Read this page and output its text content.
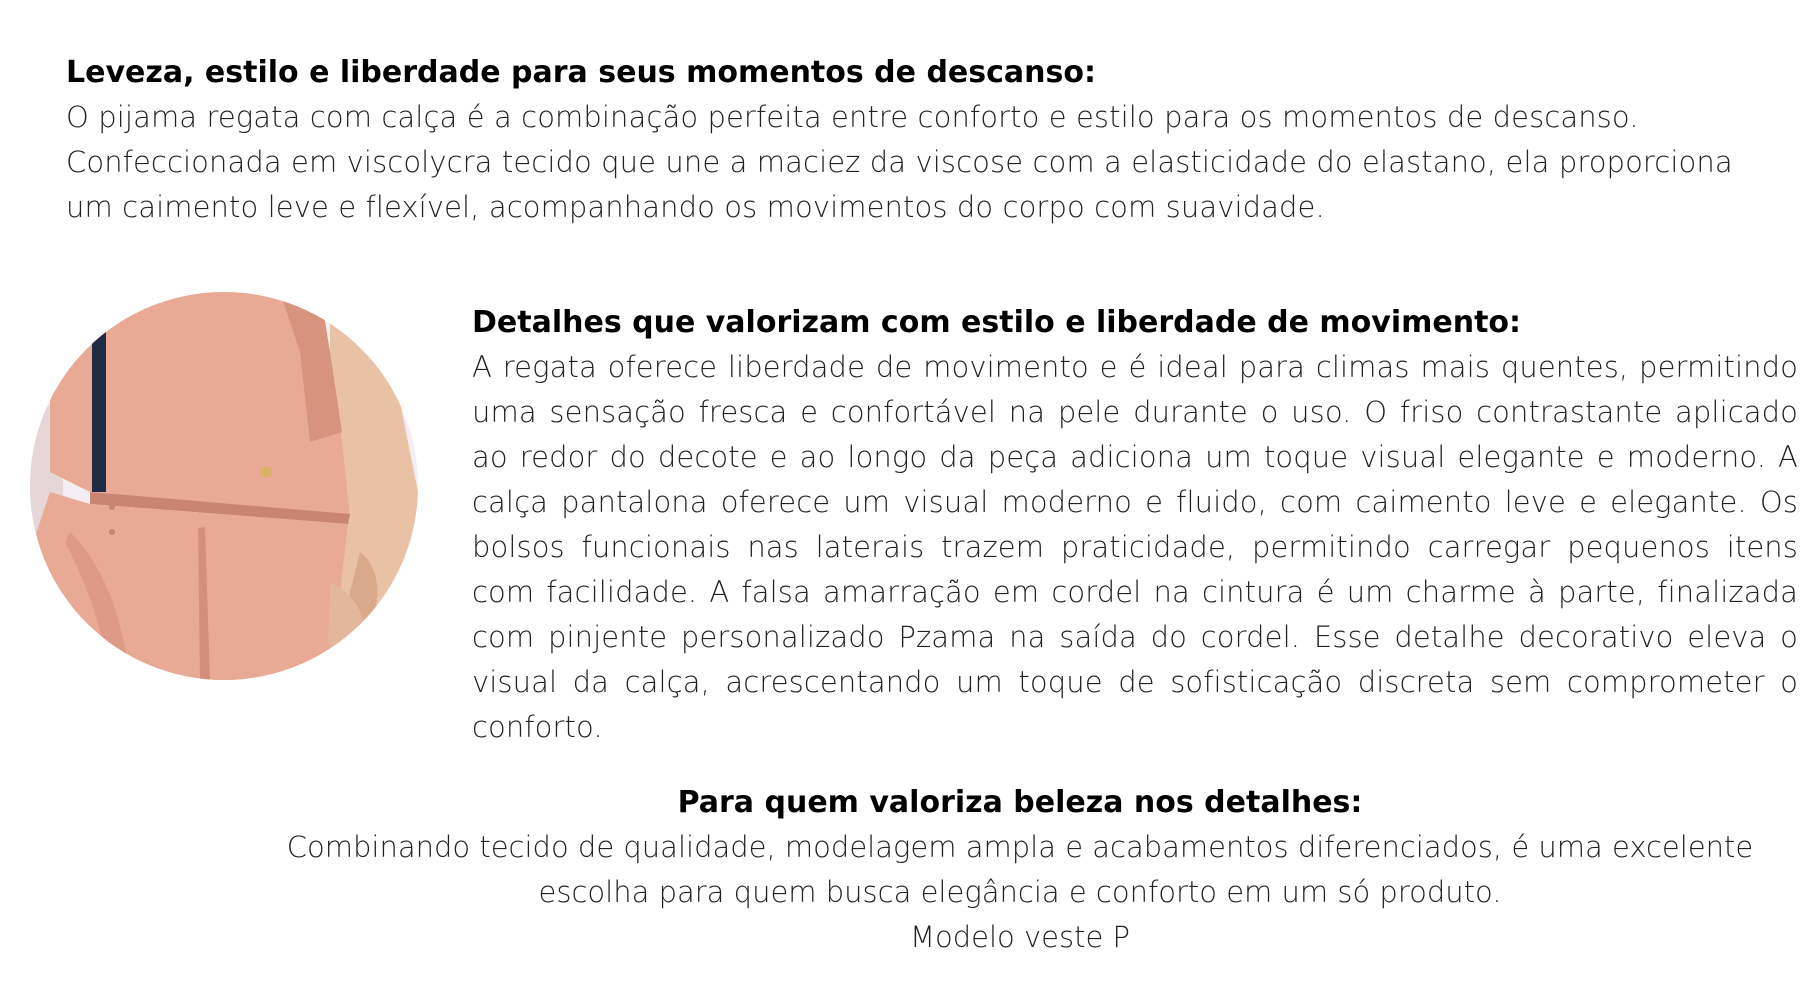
Leveza, estilo e liberdade para seus momentos de descanso:
O pijama regata com calça é a combinação perfeita entre conforto e estilo para os momentos de descanso. Confeccionada em viscolycra tecido que une a maciez da viscose com a elasticidade do elastano, ela proporciona um caimento leve e flexível, acompanhando os movimentos do corpo com suavidade.
Detalhes que valorizam com estilo e liberdade de movimento:
A regata oferece liberdade de movimento e é ideal para climas mais quentes, permitindo uma sensação fresca e confortável na pele durante o uso. O friso contrastante aplicado ao redor do decote e ao longo da peça adiciona um toque visual elegante e moderno. A calça pantalona oferece um visual moderno e fluido, com caimento leve e elegante. Os bolsos funcionais nas laterais trazem praticidade, permitindo carregar pequenos itens com facilidade. A falsa amarração em cordel na cintura é um charme à parte, finalizada com pinjente personalizado Pzama na saída do cordel. Esse detalhe decorativo eleva o visual da calça, acrescentando um toque de sofisticação discreta sem comprometer o conforto.
Para quem valoriza beleza nos detalhes:
Combinando tecido de qualidade, modelagem ampla e acabamentos diferenciados, é uma excelente escolha para quem busca elegância e conforto em um só produto.
Modelo veste P
